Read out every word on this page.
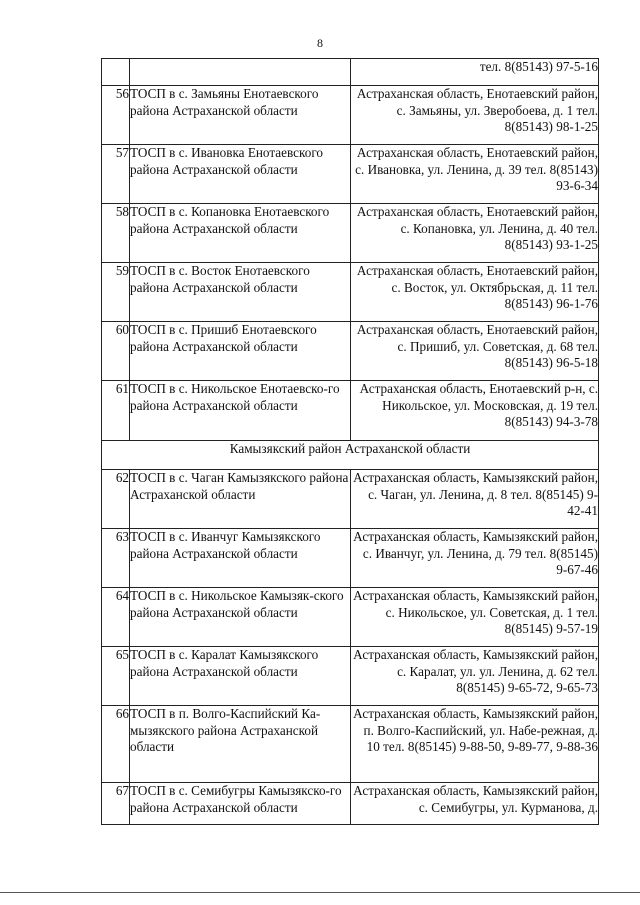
8
		тел. 8(85143) 97-5-16
56	ТОСП в с. Замьяны Енотаевского района Астраханской области	Астраханская область, Енотаевский район, с. Замьяны, ул. Зверобоева, д. 1 тел. 8(85143) 98-1-25
57	ТОСП в с. Ивановка Енотаевского района Астраханской области	Астраханская область, Енотаевский район, с. Ивановка, ул. Ленина, д. 39 тел. 8(85143) 93-6-34
58	ТОСП в с. Копановка Енотаевского района Астраханской области	Астраханская область, Енотаевский район, с. Копановка, ул. Ленина, д. 40 тел. 8(85143) 93-1-25
59	ТОСП в с. Восток Енотаевского района Астраханской области	Астраханская область, Енотаевский район, с. Восток, ул. Октябрьская, д. 11 тел. 8(85143) 96-1-76
60	ТОСП в с. Пришиб Енотаевского района Астраханской области	Астраханская область, Енотаевский район, с. Пришиб, ул. Советская, д. 68 тел. 8(85143) 96-5-18
61	ТОСП в с. Никольское Енотаевско-го района Астраханской области	Астраханская область, Енотаевский р-н, с. Никольское, ул. Московская, д. 19 тел. 8(85143) 94-3-78
Камызякский район Астраханской области		
62	ТОСП в с. Чаган Камызякского района Астраханской области	Астраханская область, Камызякский район, с. Чаган, ул. Ленина, д. 8 тел. 8(85145) 9-42-41
63	ТОСП в с. Иванчуг Камызякского района Астраханской области	Астраханская область, Камызякский район, с. Иванчуг, ул. Ленина, д. 79 тел. 8(85145) 9-67-46
64	ТОСП в с. Никольское Камызяк-ского района Астраханской области	Астраханская область, Камызякский район, с. Никольское, ул. Советская, д. 1 тел. 8(85145) 9-57-19
65	ТОСП в с. Каралат Камызякского района Астраханской области	Астраханская область, Камызякский район, с. Каралат, ул. ул. Ленина, д. 62 тел. 8(85145) 9-65-72, 9-65-73
66	ТОСП в п. Волго-Каспийский Ка-мызякского района Астраханской области	Астраханская область, Камызякский район, п. Волго-Каспийский, ул. Набе-режная, д. 10 тел. 8(85145) 9-88-50, 9-89-77, 9-88-36
67	ТОСП в с. Семибугры Камызякско-го района Астраханской области	Астраханская область, Камызякский район, с. Семибугры, ул. Курманова, д.
